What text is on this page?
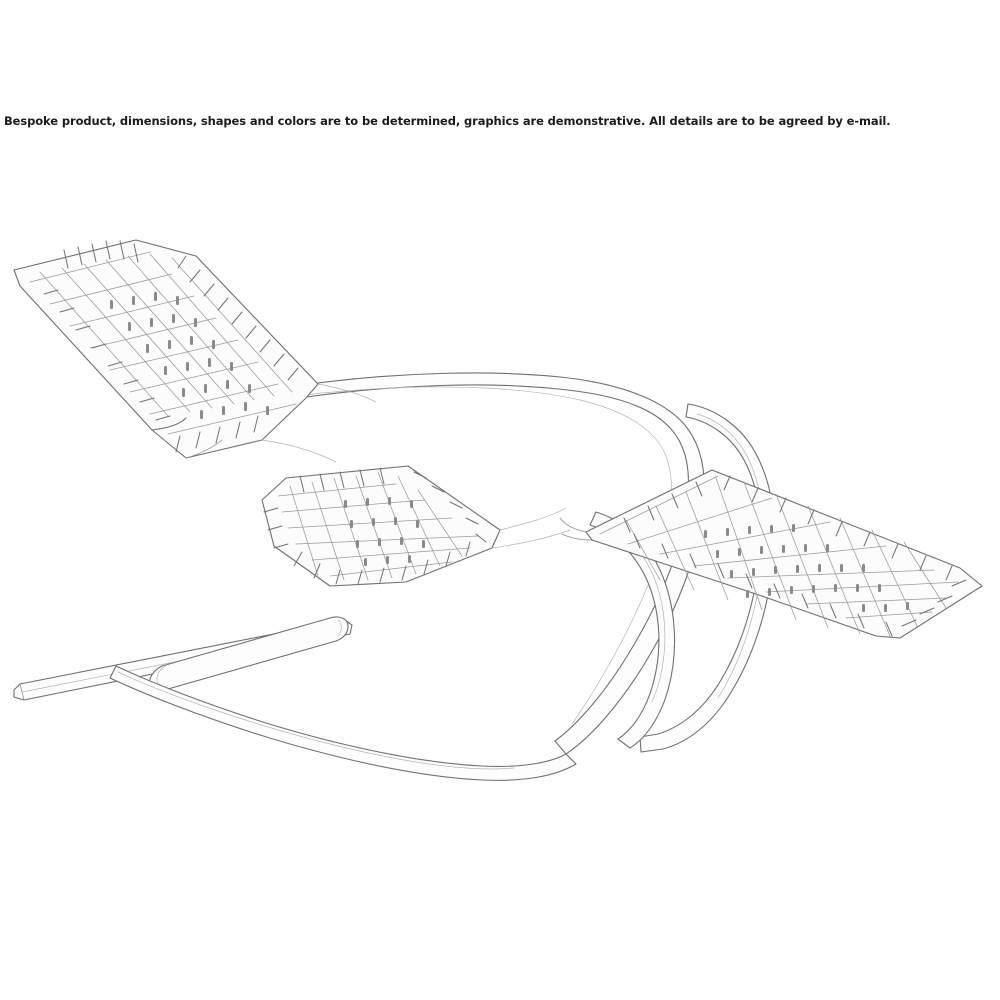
Bespoke product, dimensions, shapes and colors are to be determined, graphics are demonstrative. All details are to be agreed by e-mail.
